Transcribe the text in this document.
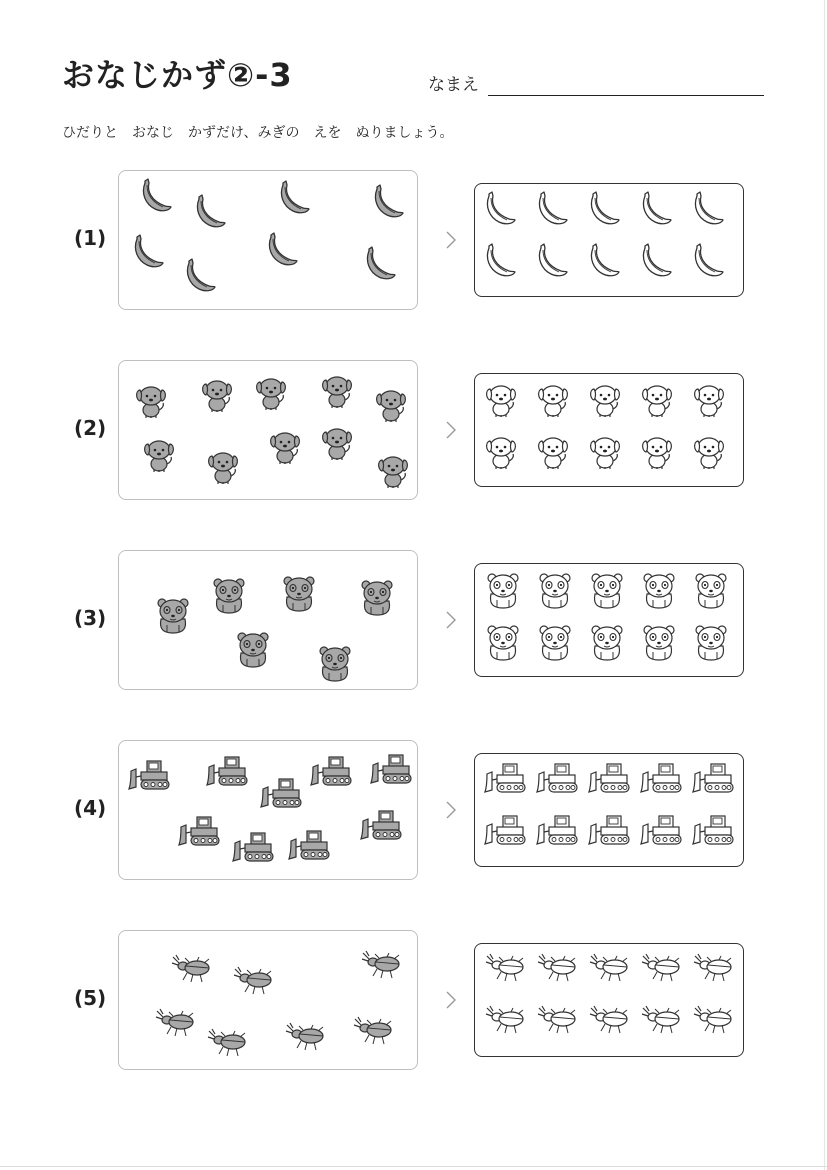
おなじかず②-3	なまえ
ひだりと　おなじ　かずだけ、みぎの　えを　ぬりましょう。
(1)
(2)
(3)
(4)
(5)
